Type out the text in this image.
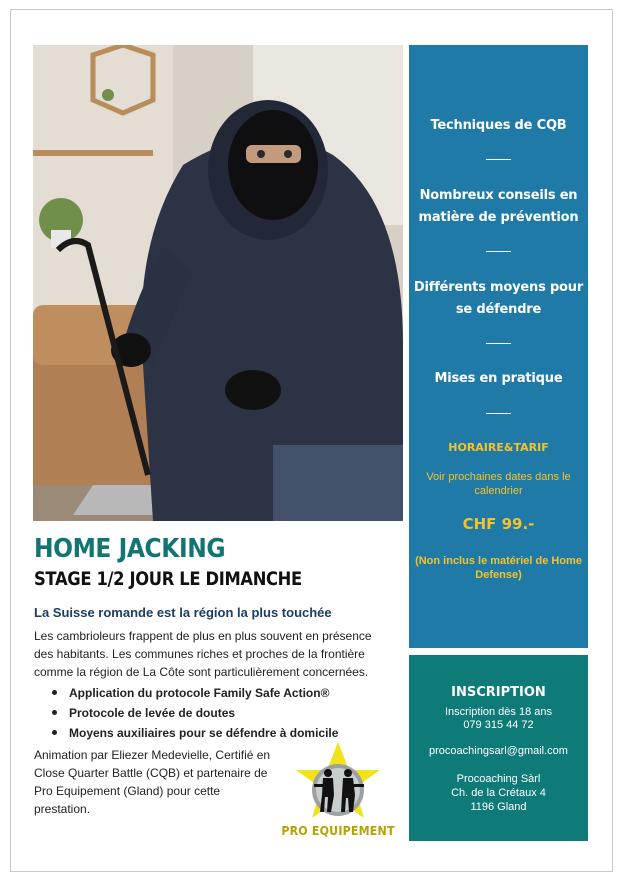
Techniques de CQB
Nombreux conseils en matière de prévention
Différents moyens pour se défendre
Mises en pratique
HORAIRE&TARIF
Voir prochaines dates dans le calendrier
CHF 99.-
(Non inclus le matériel de Home Defense)
INSCRIPTION
Inscription dès 18 ans
079 315 44 72
procoachingsarl@gmail.com
Procoaching Sàrl
Ch. de la Crétaux 4
1196 Gland
HOME JACKING
STAGE 1/2 JOUR LE DIMANCHE
La Suisse romande est la région la plus touchée
Les cambrioleurs frappent de plus en plus souvent en présence des habitants. Les communes riches et proches de la frontière comme la région de La Côte sont particulièrement concernées.
Application du protocole Family Safe Action®
Protocole de levée de doutes
Moyens auxiliaires pour se défendre à domicile
Animation par Eliezer Medevielle, Certifié en Close Quarter Battle (CQB) et partenaire de Pro Equipement (Gland) pour cette prestation.
PRO EQUIPEMENT
